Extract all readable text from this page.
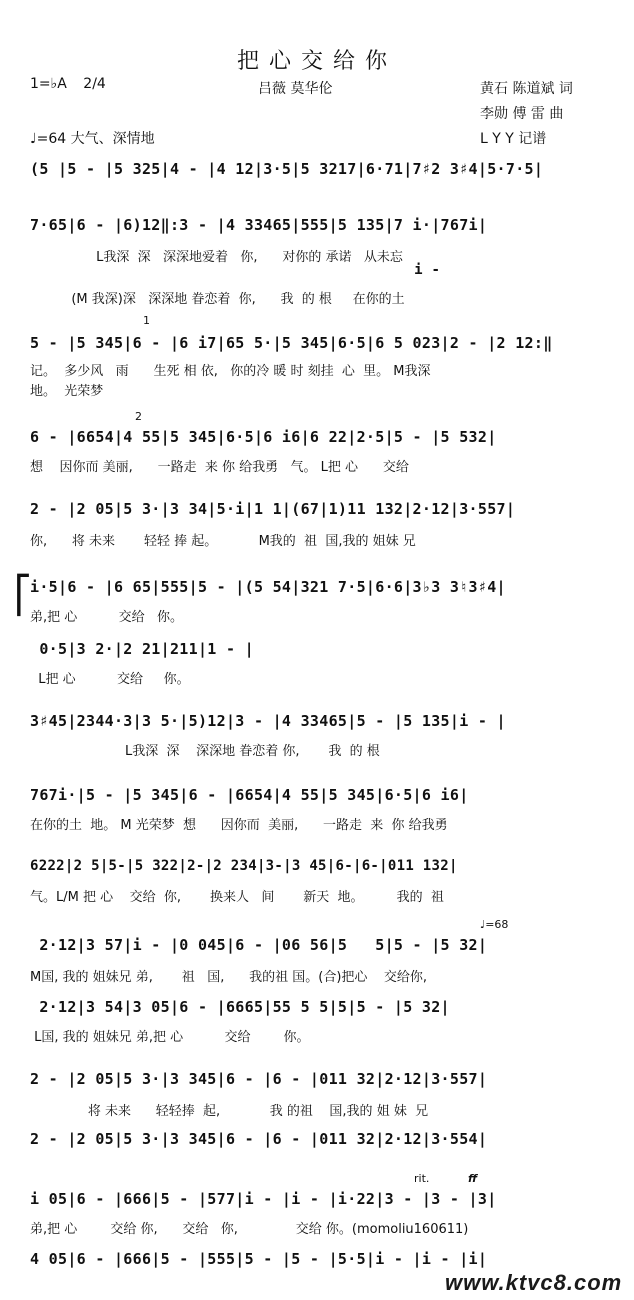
把心交给你
1=♭A 2/4	吕薇 莫华伦	黄石 陈道斌 词
李勋 傅 雷 曲
♩=64 大气、深情地	L Y Y 记谱
(5 |5 - |5 325|4 - |4 12|3·5|5 3217|6·71|7♯2 3♯4|5·7·5|
7·65|6 - |6)12‖:3 - |4 33465|555|5 135|7 i·|767i|
L我深  深   深深地爱着   你,      对你的 承诺   从未忘
i -
(M 我深)深   深深地 眷恋着  你,      我  的 根     在你的土
1
5 - |5 345|6 - |6 i7|65 5·|5 345|6·5|6 5 023|2 - |2 12:‖
记。  多少风   雨      生死 相 依,   你的冷 暖 时 刻挂  心  里。 M我深
地。  光荣梦
2
6 - |6654|4 55|5 345|6·5|6 i6|6 22|2·5|5 - |5 532|
想    因你而 美丽,      一路走  来 你 给我勇   气。 L把 心      交给
2 - |2 05|5 3·|3 34|5·i|1 1|(67|1)11 132|2·12|3·557|
你,      将 未来       轻轻 捧 起。          M我的  祖  国,我的 姐妹 兄
⎡
i·5|6 - |6 65|555|5 - |(5 54|321 7·5|6·6|3♭3 3♮3♯4|
弟,把 心          交给   你。
0·5|3 2·|2 21|211|1 - |
L把 心          交给     你。
3♯45|2344·3|3 5·|5)12|3 - |4 33465|5 - |5 135|i - |
L我深  深    深深地 眷恋着 你,       我  的 根
767i·|5 - |5 345|6 - |6654|4 55|5 345|6·5|6 i6|
在你的土  地。 M 光荣梦  想      因你而  美丽,      一路走  来  你 给我勇
6222|2 5|5-|5 322|2-|2 234|3-|3 45|6-|6-|011 132|
气。L/M 把 心    交给  你,       换来人   间       新天  地。        我的  祖
♩=68
2·12|3 57|i - |0 045|6 - |06 56|5   5|5 - |5 32|
M国, 我的 姐妹兄 弟,       祖   国,      我的祖 国。(合)把心    交给你,
2·12|3 54|3 05|6 - |6665|55 5 5|5|5 - |5 32|
L国, 我的 姐妹兄 弟,把 心          交给        你。
2 - |2 05|5 3·|3 345|6 - |6 - |011 32|2·12|3·557|
将 未来      轻轻捧  起,            我 的祖    国,我的 姐 妹  兄
2 - |2 05|5 3·|3 345|6 - |6 - |011 32|2·12|3·554|
rit.	ff
i 05|6 - |666|5 - |577|i - |i - |i·22|3 - |3 - |3|
弟,把 心        交给 你,      交给   你,              交给 你。(momoliu160611)
4 05|6 - |666|5 - |555|5 - |5 - |5·5|i - |i - |i|
www.ktvc8.com
